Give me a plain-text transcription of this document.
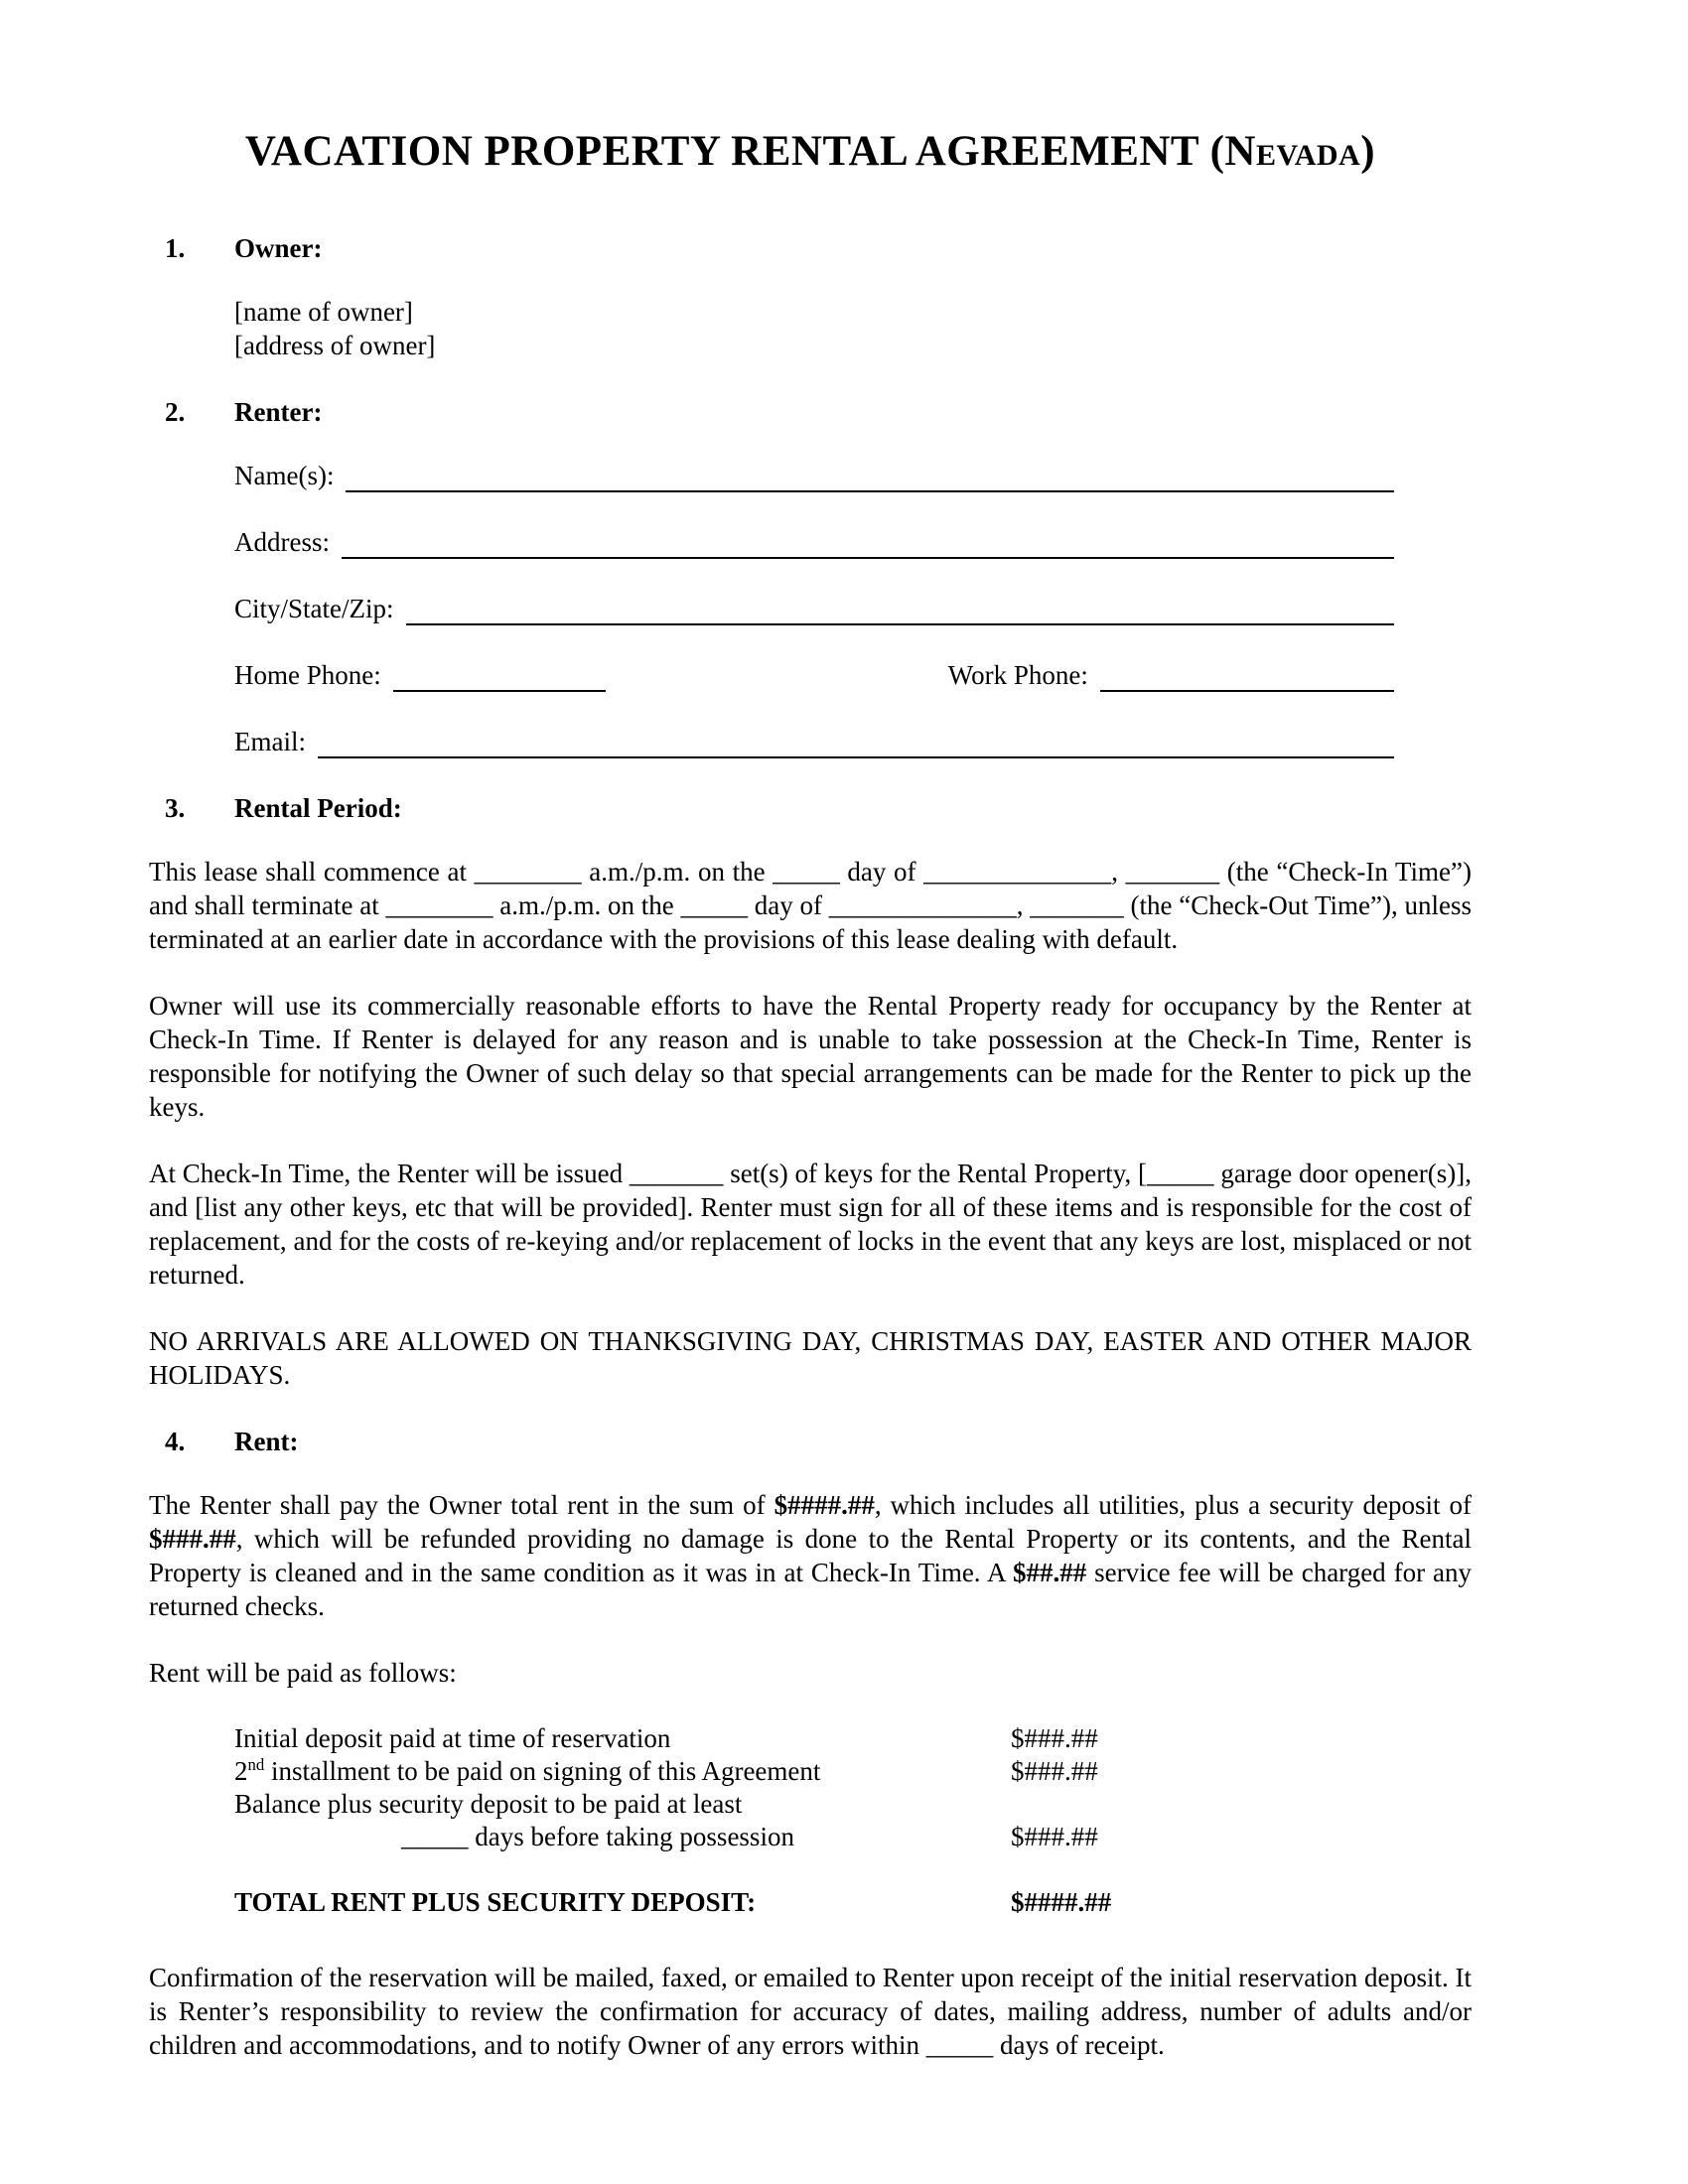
VACATION PROPERTY RENTAL AGREEMENT (Nevada)
1.	Owner:
[name of owner]
[address of owner]
2.	Renter:
Name(s):
Address:
City/State/Zip:
Home Phone:	Work Phone:
Email:
3.	Rental Period:

This lease shall commence at ________ a.m./p.m. on the _____ day of ______________, _______ (the “Check-In Time”) and shall terminate at ________ a.m./p.m. on the _____ day of ______________, _______ (the “Check-Out Time”), unless terminated at an earlier date in accordance with the provisions of this lease dealing with default.

Owner will use its commercially reasonable efforts to have the Rental Property ready for occupancy by the Renter at Check-In Time. If Renter is delayed for any reason and is unable to take possession at the Check-In Time, Renter is responsible for notifying the Owner of such delay so that special arrangements can be made for the Renter to pick up the keys.

At Check-In Time, the Renter will be issued _______ set(s) of keys for the Rental Property, [_____ garage door opener(s)], and [list any other keys, etc that will be provided]. Renter must sign for all of these items and is responsible for the cost of replacement, and for the costs of re-keying and/or replacement of locks in the event that any keys are lost, misplaced or not returned.

NO ARRIVALS ARE ALLOWED ON THANKSGIVING DAY, CHRISTMAS DAY, EASTER AND OTHER MAJOR HOLIDAYS.

4.	Rent:

The Renter shall pay the Owner total rent in the sum of $####.##, which includes all utilities, plus a security deposit of $###.##, which will be refunded providing no damage is done to the Rental Property or its contents, and the Rental Property is cleaned and in the same condition as it was in at Check-In Time. A $##.## service fee will be charged for any returned checks.

Rent will be paid as follows:

Initial deposit paid at time of reservation	$###.##
2nd installment to be paid on signing of this Agreement	$###.##
Balance plus security deposit to be paid at least
_____ days before taking possession	$###.##
TOTAL RENT PLUS SECURITY DEPOSIT:	$####.##

Confirmation of the reservation will be mailed, faxed, or emailed to Renter upon receipt of the initial reservation deposit. It is Renter’s responsibility to review the confirmation for accuracy of dates, mailing address, number of adults and/or children and accommodations, and to notify Owner of any errors within _____ days of receipt.
